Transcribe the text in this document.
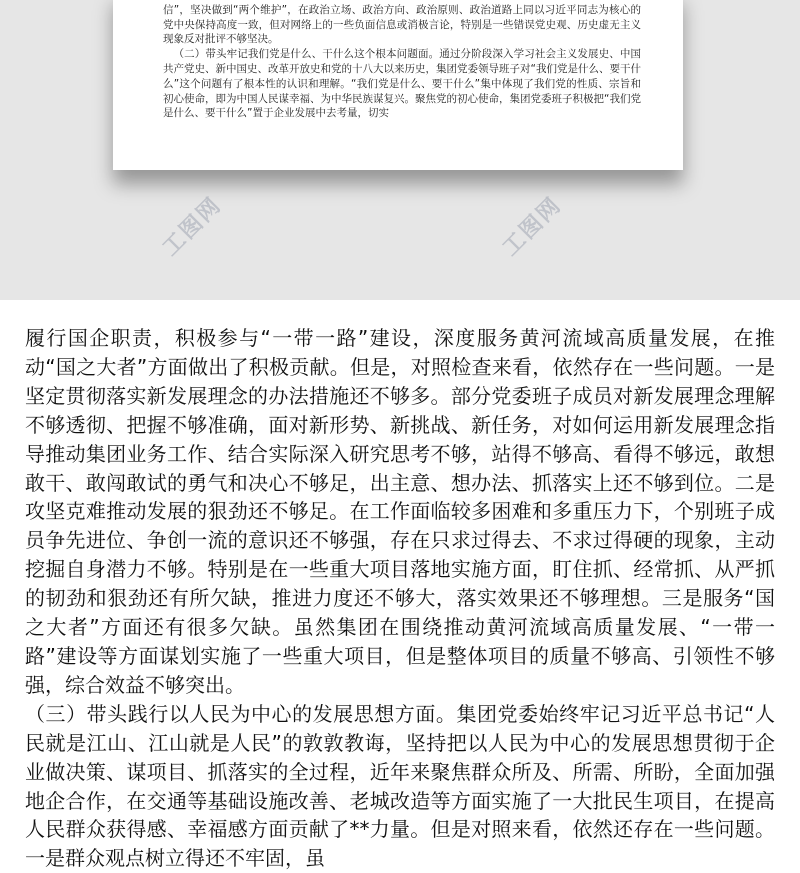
信”，坚决做到“两个维护”，在政治立场、政治方向、政治原则、政治道路上同以习近平同志为核心的党中央保持高度一致，但对网络上的一些负面信息或消极言论，特别是一些错误党史观、历史虚无主义现象反对批评不够坚决。

（二）带头牢记我们党是什么、干什么这个根本问题面。通过分阶段深入学习社会主义发展史、中国共产党史、新中国史、改革开放史和党的十八大以来历史，集团党委领导班子对“我们党是什么、要干什么”这个问题有了根本性的认识和理解。“我们党是什么、要干什么”集中体现了我们党的性质、宗旨和初心使命，即为中国人民谋幸福、为中华民族谋复兴。聚焦党的初心使命，集团党委班子积极把“我们党是什么、要干什么”置于企业发展中去考量，切实

工图网	工图网

履行国企职责，积极参与“一带一路”建设，深度服务黄河流域高质量发展，在推动“国之大者”方面做出了积极贡献。但是，对照检查来看，依然存在一些问题。一是坚定贯彻落实新发展理念的办法措施还不够多。部分党委班子成员对新发展理念理解不够透彻、把握不够准确，面对新形势、新挑战、新任务，对如何运用新发展理念指导推动集团业务工作、结合实际深入研究思考不够，站得不够高、看得不够远，敢想敢干、敢闯敢试的勇气和决心不够足，出主意、想办法、抓落实上还不够到位。二是攻坚克难推动发展的狠劲还不够足。在工作面临较多困难和多重压力下，个别班子成员争先进位、争创一流的意识还不够强，存在只求过得去、不求过得硬的现象，主动挖掘自身潜力不够。特别是在一些重大项目落地实施方面，盯住抓、经常抓、从严抓的韧劲和狠劲还有所欠缺，推进力度还不够大，落实效果还不够理想。三是服务“国之大者”方面还有很多欠缺。虽然集团在围绕推动黄河流域高质量发展、“一带一路”建设等方面谋划实施了一些重大项目，但是整体项目的质量不够高、引领性不够强，综合效益不够突出。

（三）带头践行以人民为中心的发展思想方面。集团党委始终牢记习近平总书记“人民就是江山、江山就是人民”的敦敦教诲，坚持把以人民为中心的发展思想贯彻于企业做决策、谋项目、抓落实的全过程，近年来聚焦群众所及、所需、所盼，全面加强地企合作，在交通等基础设施改善、老城改造等方面实施了一大批民生项目，在提高人民群众获得感、幸福感方面贡献了**力量。但是对照来看，依然还存在一些问题。一是群众观点树立得还不牢固，虽
